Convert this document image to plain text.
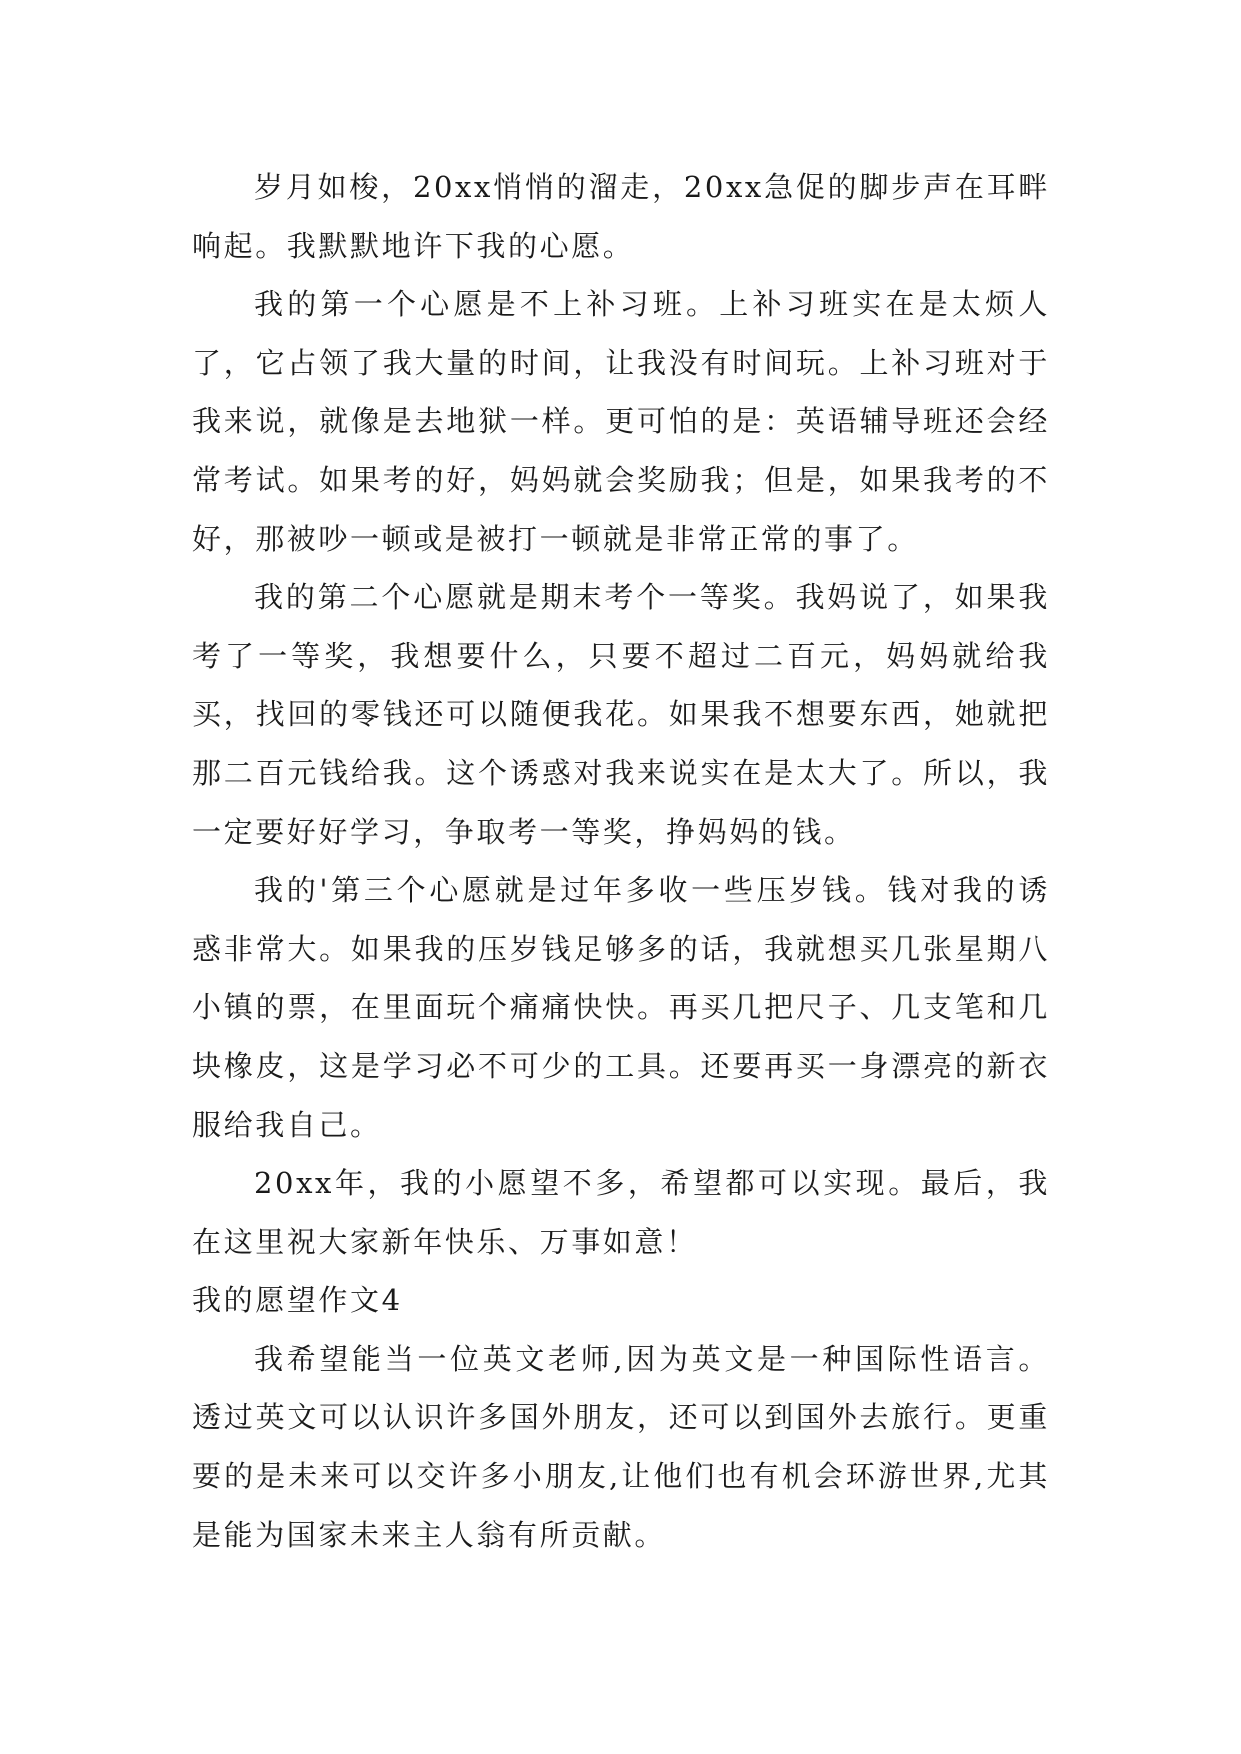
岁月如梭，20xx悄悄的溜走，20xx急促的脚步声在耳畔响起。我默默地许下我的心愿。

我的第一个心愿是不上补习班。上补习班实在是太烦人了，它占领了我大量的时间，让我没有时间玩。上补习班对于我来说，就像是去地狱一样。更可怕的是：英语辅导班还会经常考试。如果考的好，妈妈就会奖励我；但是，如果我考的不好，那被吵一顿或是被打一顿就是非常正常的事了。

我的第二个心愿就是期末考个一等奖。我妈说了，如果我考了一等奖，我想要什么，只要不超过二百元，妈妈就给我买，找回的零钱还可以随便我花。如果我不想要东西，她就把那二百元钱给我。这个诱惑对我来说实在是太大了。所以，我一定要好好学习，争取考一等奖，挣妈妈的钱。

我的'第三个心愿就是过年多收一些压岁钱。钱对我的诱惑非常大。如果我的压岁钱足够多的话，我就想买几张星期八小镇的票，在里面玩个痛痛快快。再买几把尺子、几支笔和几块橡皮，这是学习必不可少的工具。还要再买一身漂亮的新衣服给我自己。

20xx年，我的小愿望不多，希望都可以实现。最后，我在这里祝大家新年快乐、万事如意！

我的愿望作文4

我希望能当一位英文老师,因为英文是一种国际性语言。透过英文可以认识许多国外朋友，还可以到国外去旅行。更重要的是未来可以交许多小朋友,让他们也有机会环游世界,尤其是能为国家未来主人翁有所贡献。
